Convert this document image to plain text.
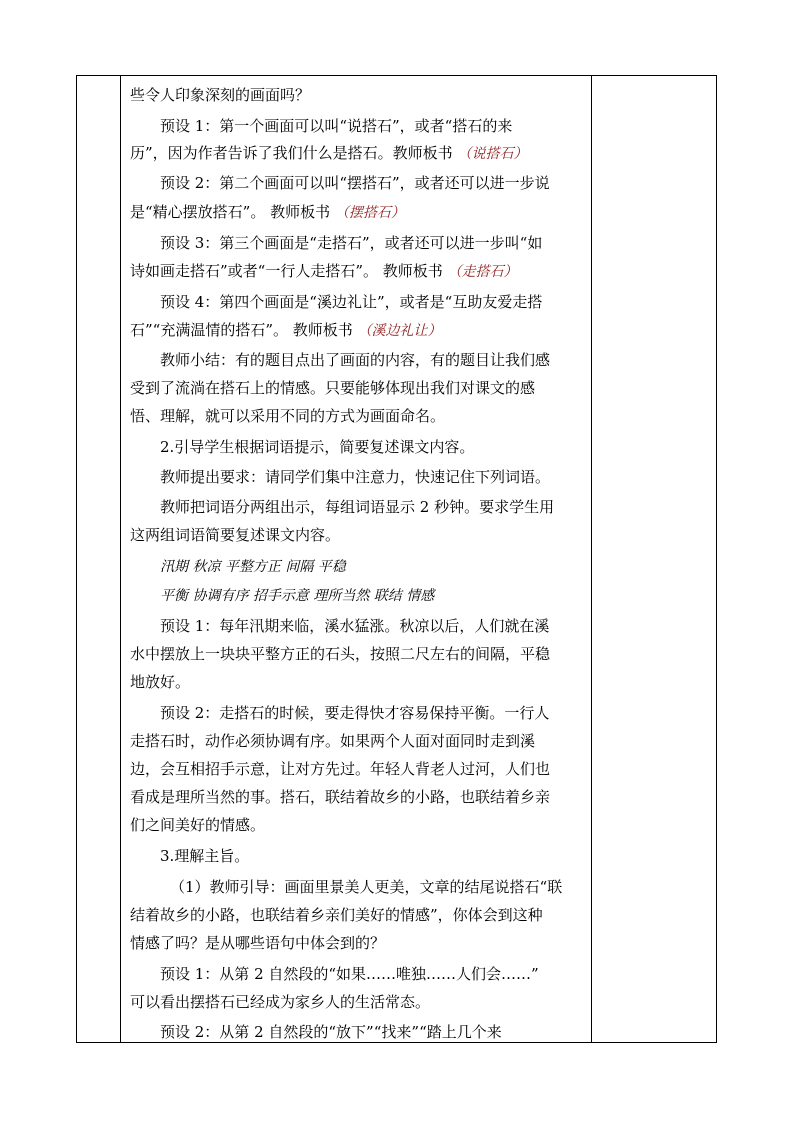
些令人印象深刻的画面吗？
预设 1：第一个画面可以叫“说搭石”，或者“搭石的来
历”，因为作者告诉了我们什么是搭石。教师板书 （说搭石）
预设 2：第二个画面可以叫“摆搭石”，或者还可以进一步说
是“精心摆放搭石”。 教师板书 （摆搭石）
预设 3：第三个画面是“走搭石”，或者还可以进一步叫“如
诗如画走搭石”或者“一行人走搭石”。 教师板书 （走搭石）
预设 4：第四个画面是“溪边礼让”，或者是“互助友爱走搭
石”“充满温情的搭石”。 教师板书 （溪边礼让）
教师小结：有的题目点出了画面的内容，有的题目让我们感
受到了流淌在搭石上的情感。只要能够体现出我们对课文的感
悟、理解，就可以采用不同的方式为画面命名。
2.引导学生根据词语提示，简要复述课文内容。
教师提出要求：请同学们集中注意力，快速记住下列词语。
教师把词语分两组出示，每组词语显示 2 秒钟。要求学生用
这两组词语简要复述课文内容。
汛期 秋凉 平整方正 间隔 平稳
平衡 协调有序 招手示意 理所当然 联结 情感
预设 1：每年汛期来临，溪水猛涨。秋凉以后，人们就在溪
水中摆放上一块块平整方正的石头，按照二尺左右的间隔，平稳
地放好。
预设 2：走搭石的时候，要走得快才容易保持平衡。一行人
走搭石时，动作必须协调有序。如果两个人面对面同时走到溪
边，会互相招手示意，让对方先过。年轻人背老人过河，人们也
看成是理所当然的事。搭石，联结着故乡的小路，也联结着乡亲
们之间美好的情感。
3.理解主旨。
（1）教师引导：画面里景美人更美，文章的结尾说搭石“联
结着故乡的小路，也联结着乡亲们美好的情感”，你体会到这种
情感了吗？是从哪些语句中体会到的？
预设 1：从第 2 自然段的“如果……唯独……人们会……”
可以看出摆搭石已经成为家乡人的生活常态。
预设 2：从第 2 自然段的“放下”“找来”“踏上几个来
